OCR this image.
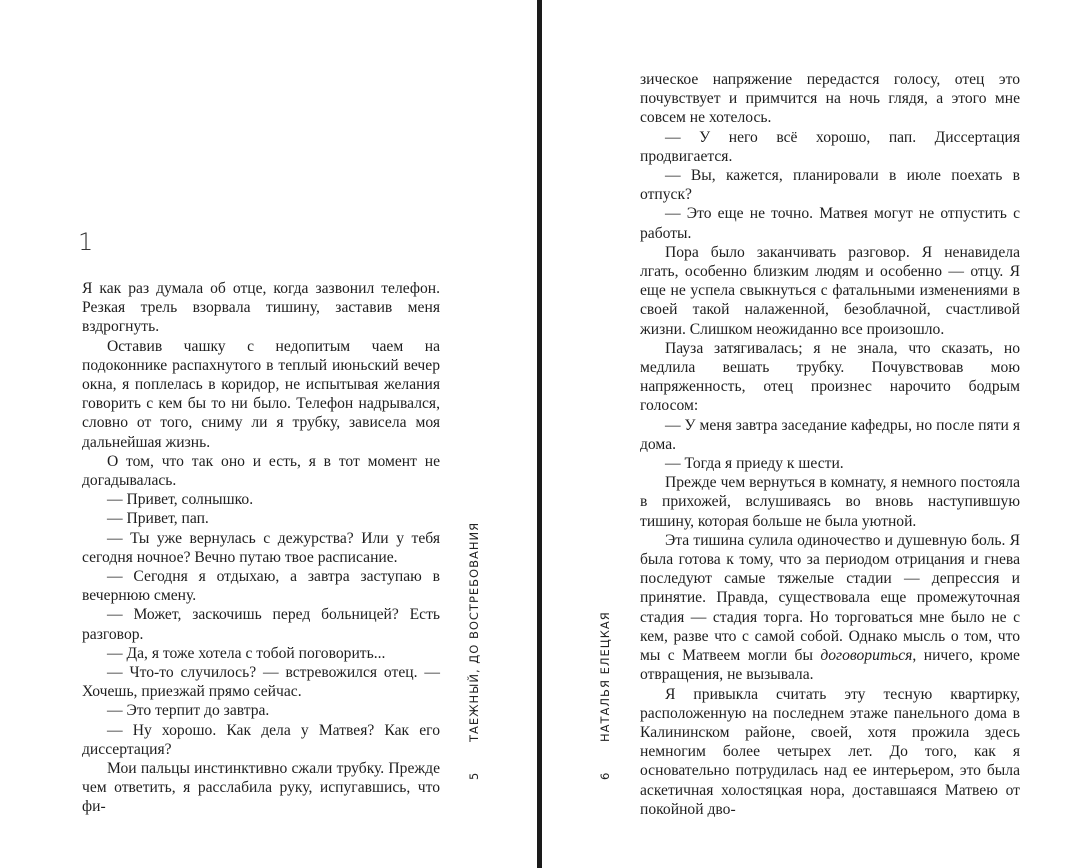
1

Я как раз думала об отце, когда зазвонил телефон. Резкая трель взорвала тишину, заставив меня вздрогнуть.

Оставив чашку с недопитым чаем на подоконнике распахнутого в теплый июньский вечер окна, я поплелась в коридор, не испытывая желания говорить с кем бы то ни было. Телефон надрывался, словно от того, сниму ли я трубку, зависела моя дальнейшая жизнь.

О том, что так оно и есть, я в тот момент не догадывалась.

— Привет, солнышко.

— Привет, пап.

— Ты уже вернулась с дежурства? Или у тебя сегодня ночное? Вечно путаю твое расписание.

— Сегодня я отдыхаю, а завтра заступаю в вечернюю смену.

— Может, заскочишь перед больницей? Есть разговор.

— Да, я тоже хотела с тобой поговорить...

— Что-то случилось? — встревожился отец. — Хочешь, приезжай прямо сейчас.

— Это терпит до завтра.

— Ну хорошо. Как дела у Матвея? Как его диссертация?

Мои пальцы инстинктивно сжали трубку. Прежде чем ответить, я расслабила руку, испугавшись, что фи-

ТАЕЖНЫЙ, ДО ВОСТРЕБОВАНИЯ
5

зическое напряжение передастся голосу, отец это почувствует и примчится на ночь глядя, а этого мне совсем не хотелось.

— У него всё хорошо, пап. Диссертация продвигается.

— Вы, кажется, планировали в июле поехать в отпуск?

— Это еще не точно. Матвея могут не отпустить с работы.

Пора было заканчивать разговор. Я ненавидела лгать, особенно близким людям и особенно — отцу. Я еще не успела свыкнуться с фатальными изменениями в своей такой налаженной, безоблачной, счастливой жизни. Слишком неожиданно все произошло.

Пауза затягивалась; я не знала, что сказать, но медлила вешать трубку. Почувствовав мою напряженность, отец произнес нарочито бодрым голосом:

— У меня завтра заседание кафедры, но после пяти я дома.

— Тогда я приеду к шести.

Прежде чем вернуться в комнату, я немного постояла в прихожей, вслушиваясь во вновь наступившую тишину, которая больше не была уютной.

Эта тишина сулила одиночество и душевную боль. Я была готова к тому, что за периодом отрицания и гнева последуют самые тяжелые стадии — депрессия и принятие. Правда, существовала еще промежуточная стадия — стадия торга. Но торговаться мне было не с кем, разве что с самой собой. Однако мысль о том, что мы с Матвеем могли бы договориться, ничего, кроме отвращения, не вызывала.

Я привыкла считать эту тесную квартирку, расположенную на последнем этаже панельного дома в Калининском районе, своей, хотя прожила здесь немногим более четырех лет. До того, как я основательно потрудилась над ее интерьером, это была аскетичная холостяцкая нора, доставшаяся Матвею от покойной дво-

НАТАЛЬЯ ЕЛЕЦКАЯ
6
